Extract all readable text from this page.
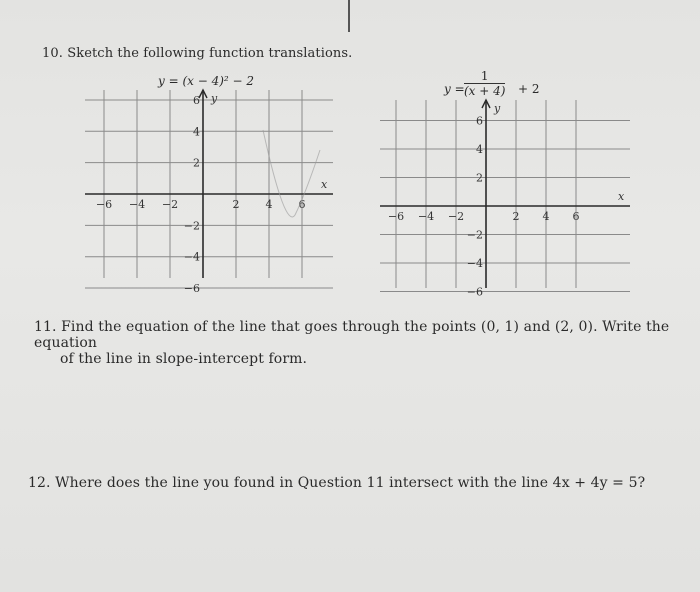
10. Sketch the following function translations.
y = (x − 4)² − 2
−6 −4 −2	2 4 6
6
4
2
−2
−4
−6
x
y
$y = \frac{1}{(x + 4)} + 2$
−6 −4 −2	2 4 6
6
4
2
−2
−4
−6
x
y
11. Find the equation of the line that goes through the points (0, 1) and (2, 0). Write the equation
of the line in slope-intercept form.
12. Where does the line you found in Question 11 intersect with the line 4x + 4y = 5?
